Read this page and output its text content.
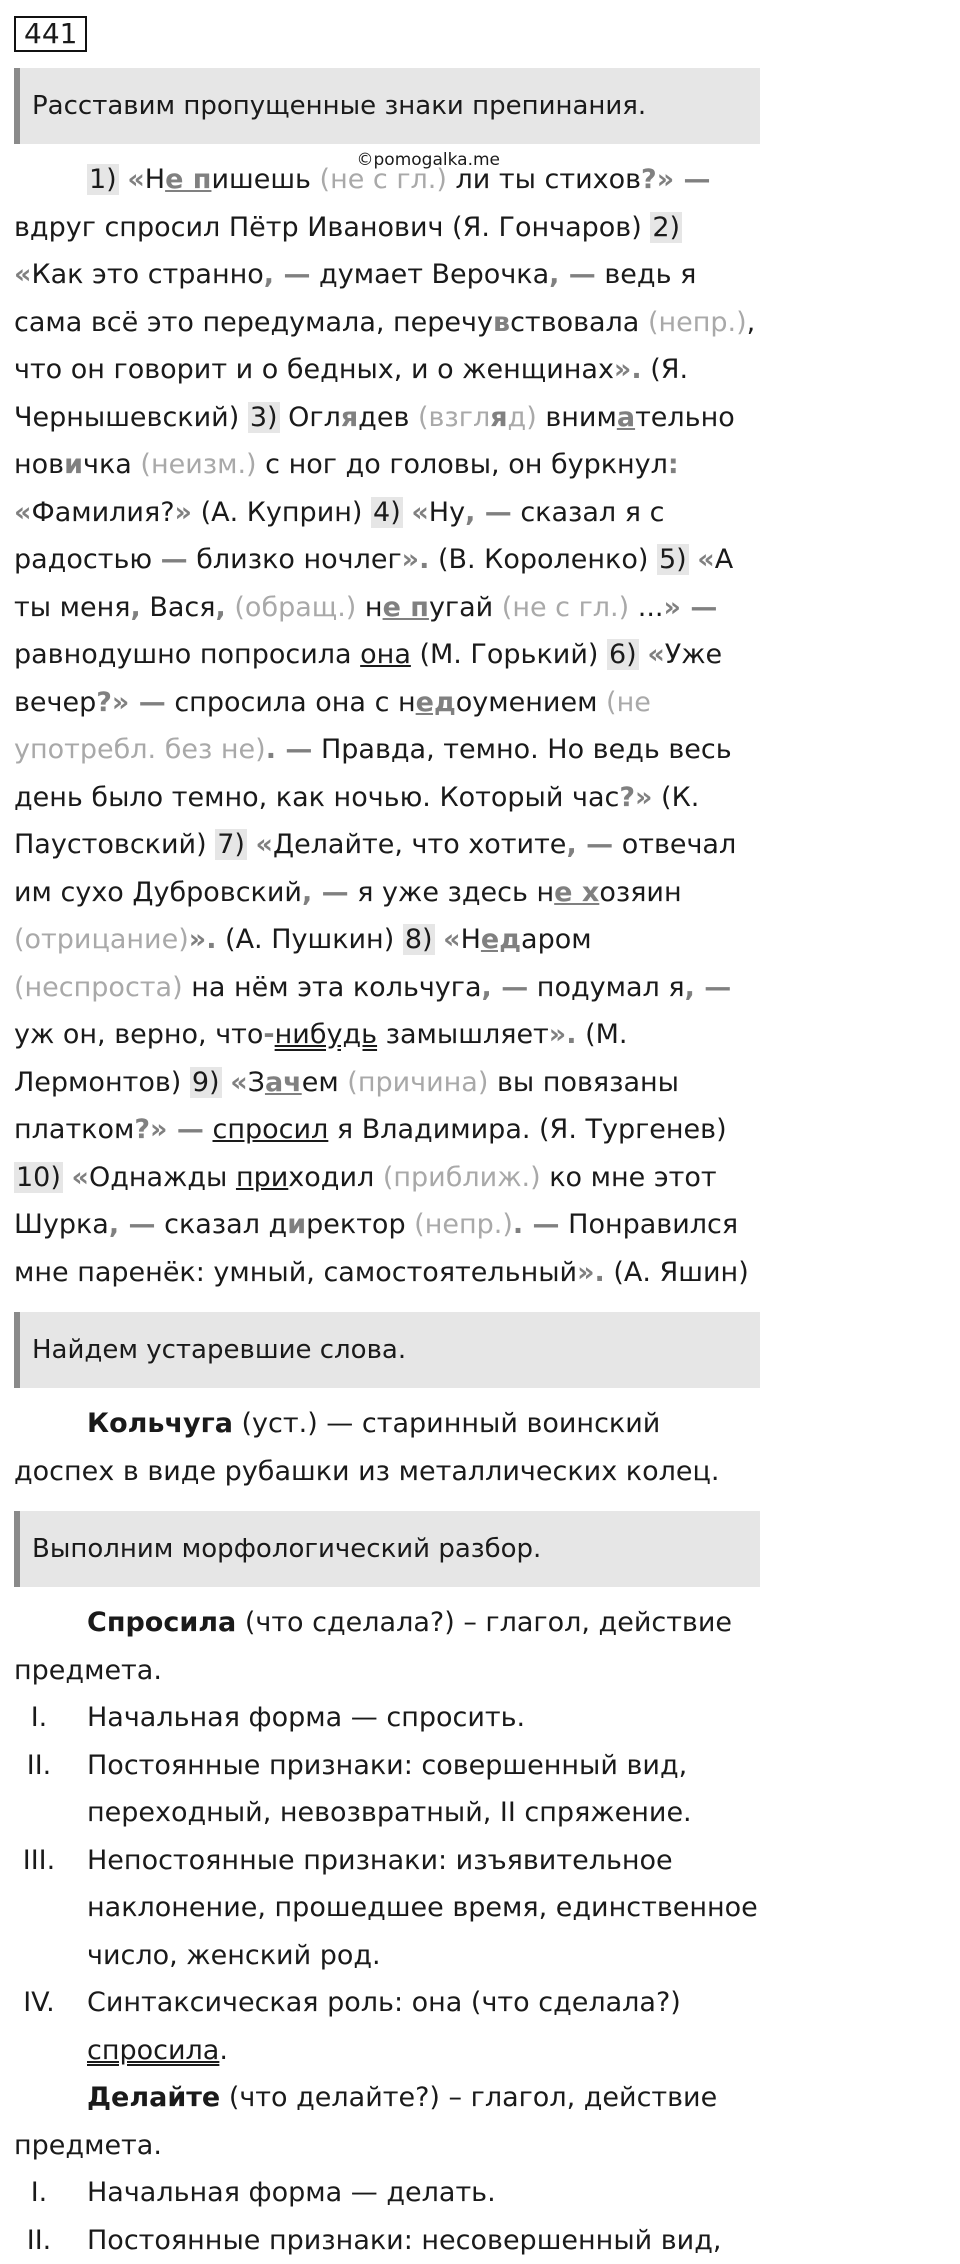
441
Расставим пропущенные знаки препинания.
©pomogalka.me

1) «Не пишешь (не с гл.) ли ты стихов?» — вдруг спросил Пётр Иванович (Я. Гончаров) 2) «Как это странно, — думает Верочка, — ведь я сама всё это передумала, перечувствовала (непр.), что он говорит и о бедных, и о женщинах». (Я. Чернышевский) 3) Оглядев (взгляд) внимательно новичка (неизм.) с ног до головы, он буркнул: «Фамилия?» (А. Куприн) 4) «Ну, — сказал я с радостью — близко ночлег». (В. Короленко) 5) «А ты меня, Вася, (обращ.) не пугай (не с гл.) ...» — равнодушно попросила она (М. Горький) 6) «Уже вечер?» — спросила она с недоумением (не употребл. без не). — Правда, темно. Но ведь весь день было темно, как ночью. Который час?» (К. Паустовский) 7) «Делайте, что хотите, — отвечал им сухо Дубровский, — я уже здесь не хозяин (отрицание)». (А. Пушкин) 8) «Недаром (неспроста) на нём эта кольчуга, — подумал я, — уж он, верно, что-нибудь замышляет». (М. Лермонтов) 9) «Зачем (причина) вы повязаны платком?» — спросил я Владимира. (Я. Тургенев) 10) «Однажды приходил (приближ.) ко мне этот Шурка, — сказал директор (непр.). — Понравился мне паренёк: умный, самостоятельный». (А. Яшин)

Найдем устаревшие слова.

Кольчуга (уст.) — старинный воинский доспех в виде рубашки из металлических колец.

Выполним морфологический разбор.

Спросила (что сделала?) – глагол, действие предмета.

I.	Начальная форма — спросить.
II.	Постоянные признаки: совершенный вид, переходный, невозвратный, II спряжение.
III.	Непостоянные признаки: изъявительное наклонение, прошедшее время, единственное число, женский род.
IV.	Синтаксическая роль: она (что сделала?) спросила.

Делайте (что делайте?) – глагол, действие предмета.

I.	Начальная форма — делать.
II.	Постоянные признаки: несовершенный вид,
